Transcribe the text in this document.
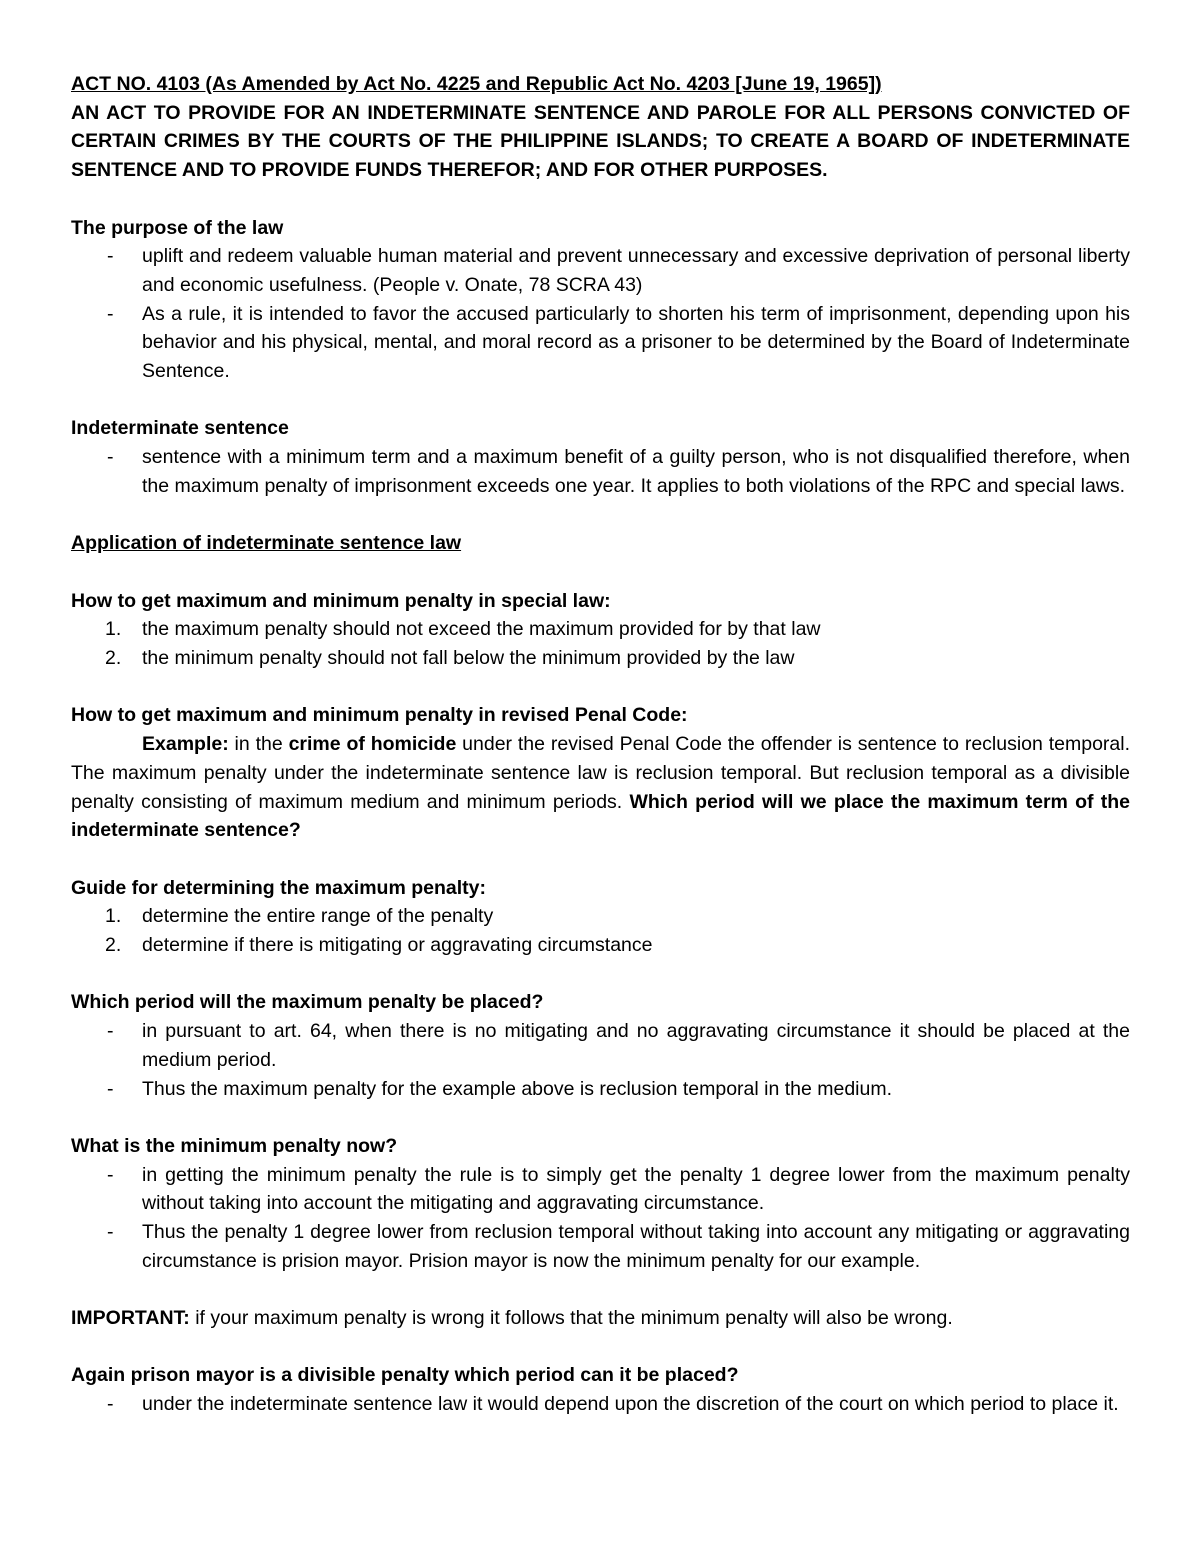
ACT NO. 4103 (As Amended by Act No. 4225 and Republic Act No. 4203 [June 19, 1965])
AN ACT TO PROVIDE FOR AN INDETERMINATE SENTENCE AND PAROLE FOR ALL PERSONS CONVICTED OF CERTAIN CRIMES BY THE COURTS OF THE PHILIPPINE ISLANDS; TO CREATE A BOARD OF INDETERMINATE SENTENCE AND TO PROVIDE FUNDS THEREFOR; AND FOR OTHER PURPOSES.
The purpose of the law
-	uplift and redeem valuable human material and prevent unnecessary and excessive deprivation of personal liberty and economic usefulness. (People v. Onate, 78 SCRA 43)
-	As a rule, it is intended to favor the accused particularly to shorten his term of imprisonment, depending upon his behavior and his physical, mental, and moral record as a prisoner to be determined by the Board of Indeterminate Sentence.
Indeterminate sentence
-	sentence with a minimum term and a maximum benefit of a guilty person, who is not disqualified therefore, when the maximum penalty of imprisonment exceeds one year. It applies to both violations of the RPC and special laws.
Application of indeterminate sentence law
How to get maximum and minimum penalty in special law:
1.	the maximum penalty should not exceed the maximum provided for by that law
2.	the minimum penalty should not fall below the minimum provided by the law
How to get maximum and minimum penalty in revised Penal Code:
Example: in the crime of homicide under the revised Penal Code the offender is sentence to reclusion temporal. The maximum penalty under the indeterminate sentence law is reclusion temporal. But reclusion temporal as a divisible penalty consisting of maximum medium and minimum periods. Which period will we place the maximum term of the indeterminate sentence?
Guide for determining the maximum penalty:
1.	determine the entire range of the penalty
2.	determine if there is mitigating or aggravating circumstance
Which period will the maximum penalty be placed?
-	in pursuant to art. 64, when there is no mitigating and no aggravating circumstance it should be placed at the medium period.
-	Thus the maximum penalty for the example above is reclusion temporal in the medium.
What is the minimum penalty now?
-	in getting the minimum penalty the rule is to simply get the penalty 1 degree lower from the maximum penalty without taking into account the mitigating and aggravating circumstance.
-	Thus the penalty 1 degree lower from reclusion temporal without taking into account any mitigating or aggravating circumstance is prision mayor. Prision mayor is now the minimum penalty for our example.
IMPORTANT: if your maximum penalty is wrong it follows that the minimum penalty will also be wrong.
Again prison mayor is a divisible penalty which period can it be placed?
-	under the indeterminate sentence law it would depend upon the discretion of the court on which period to place it.
